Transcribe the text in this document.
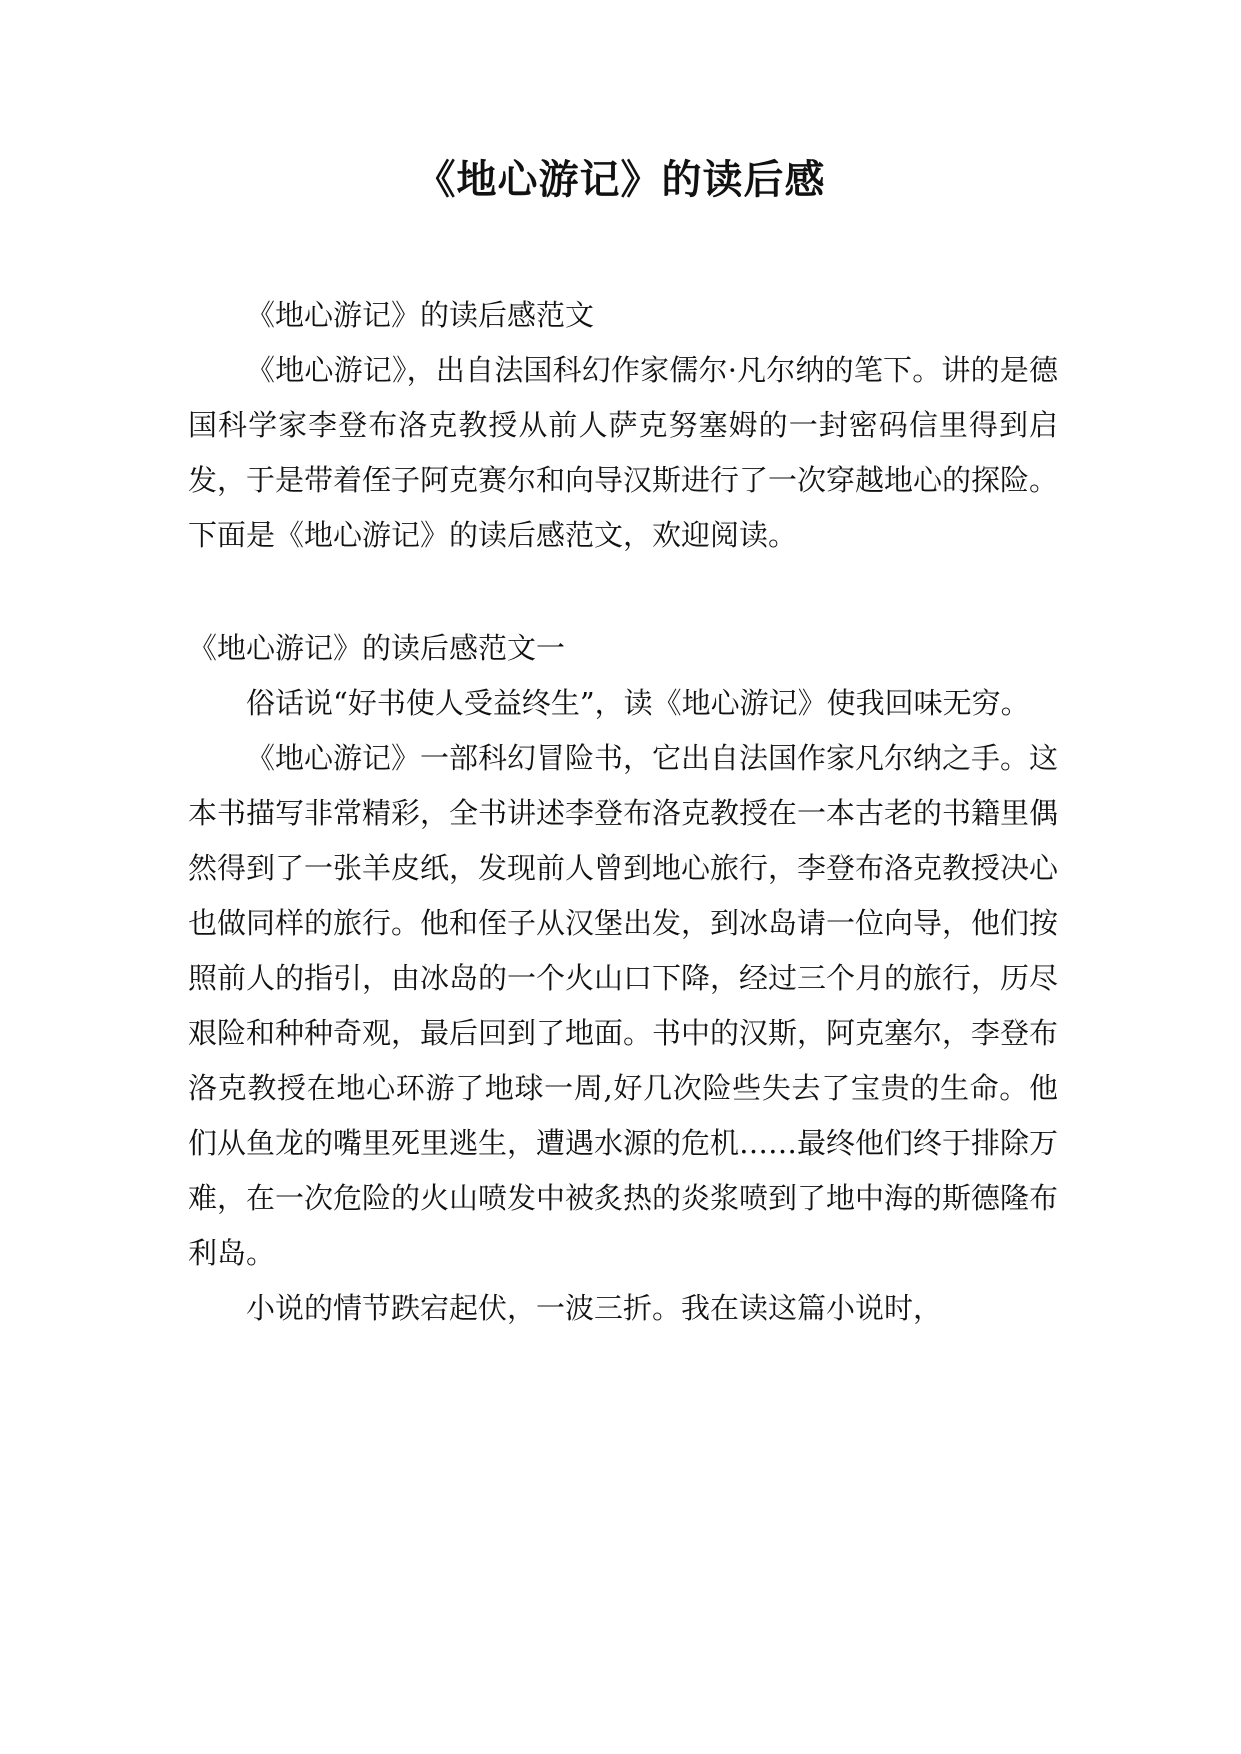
《地心游记》的读后感

《地心游记》的读后感范文

《地心游记》，出自法国科幻作家儒尔·凡尔纳的笔下。讲的是德国科学家李登布洛克教授从前人萨克努塞姆的一封密码信里得到启发，于是带着侄子阿克赛尔和向导汉斯进行了一次穿越地心的探险。下面是《地心游记》的读后感范文，欢迎阅读。

《地心游记》的读后感范文一

俗话说“好书使人受益终生”，读《地心游记》使我回味无穷。

《地心游记》一部科幻冒险书，它出自法国作家凡尔纳之手。这本书描写非常精彩，全书讲述李登布洛克教授在一本古老的书籍里偶然得到了一张羊皮纸，发现前人曾到地心旅行，李登布洛克教授决心也做同样的旅行。他和侄子从汉堡出发，到冰岛请一位向导，他们按照前人的指引，由冰岛的一个火山口下降，经过三个月的旅行，历尽艰险和种种奇观，最后回到了地面。书中的汉斯，阿克塞尔，李登布洛克教授在地心环游了地球一周,好几次险些失去了宝贵的生命。他们从鱼龙的嘴里死里逃生，遭遇水源的危机……最终他们终于排除万难，在一次危险的火山喷发中被炙热的炎浆喷到了地中海的斯德隆布利岛。

小说的情节跌宕起伏，一波三折。我在读这篇小说时，
